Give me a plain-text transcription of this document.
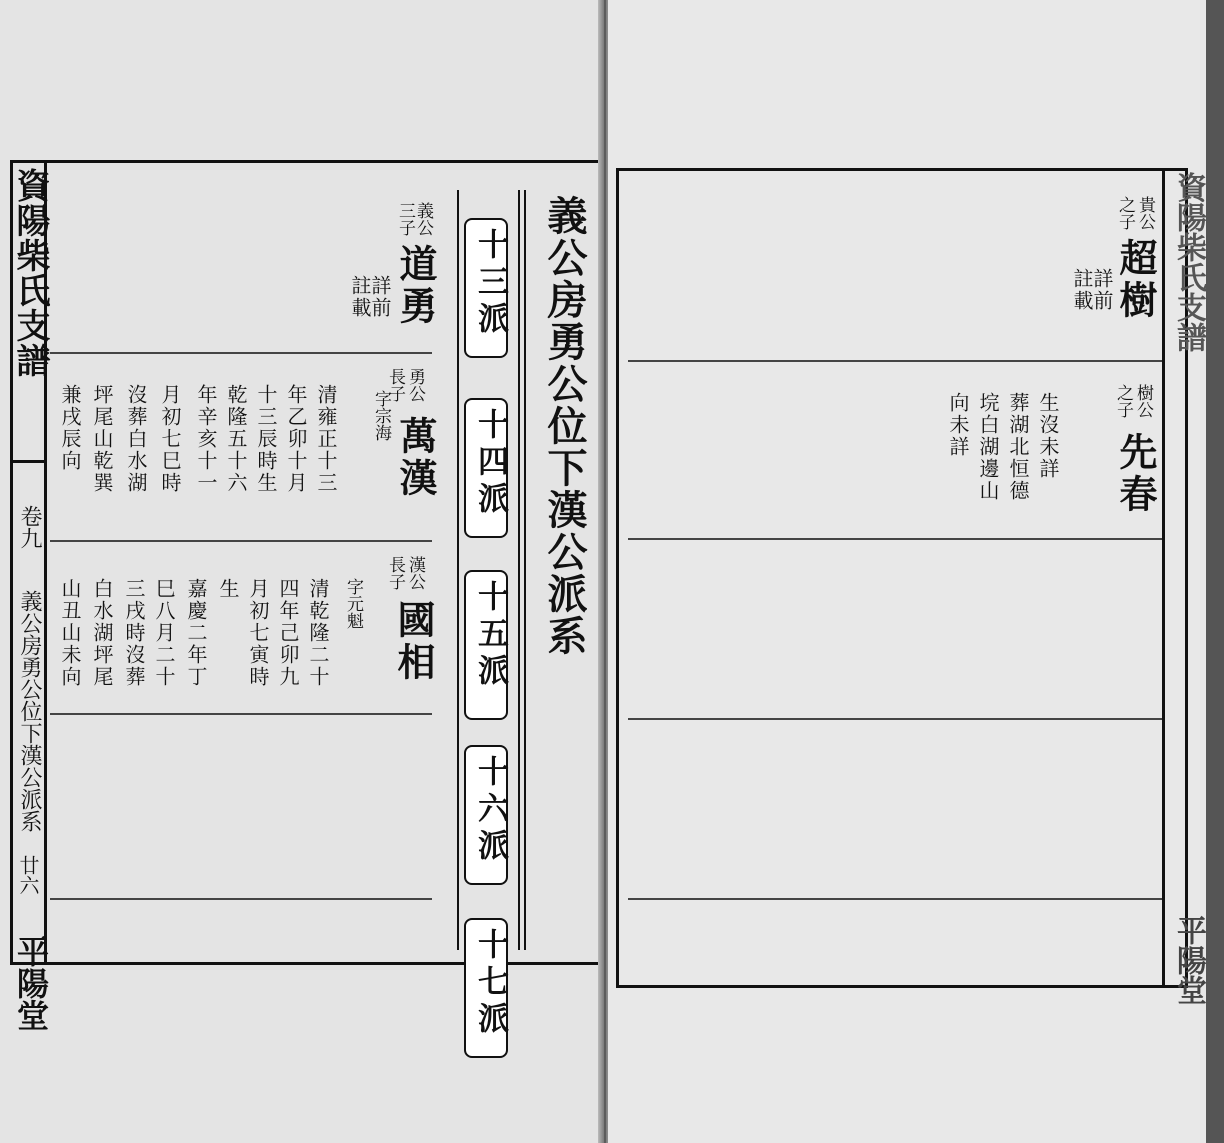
資陽柴氏支譜
卷九
義公房勇公位下漢公派系
廿六
平陽堂
義公房勇公位下漢公派系
十三派
十四派
十五派
十六派
十七派
義公
三子
道勇
詳前
註載
勇公
長子
萬漢
字宗海
清雍正十三
年乙卯十月
十三辰時生
乾隆五十六
年辛亥十一
月初七巳時
沒葬白水湖
坪尾山乾巽
兼戌辰向
漢公
長子
國相
字元魁
清乾隆二十
四年己卯九
月初七寅時
生
嘉慶二年丁
巳八月二十
三戌時沒葬
白水湖坪尾
山丑山未向
資陽柴氏支譜
平陽堂
貴公
之子
超樹
詳前
註載
樹公
之子
先春
生沒未詳
葬湖北恒德
垸白湖邊山
向未詳
